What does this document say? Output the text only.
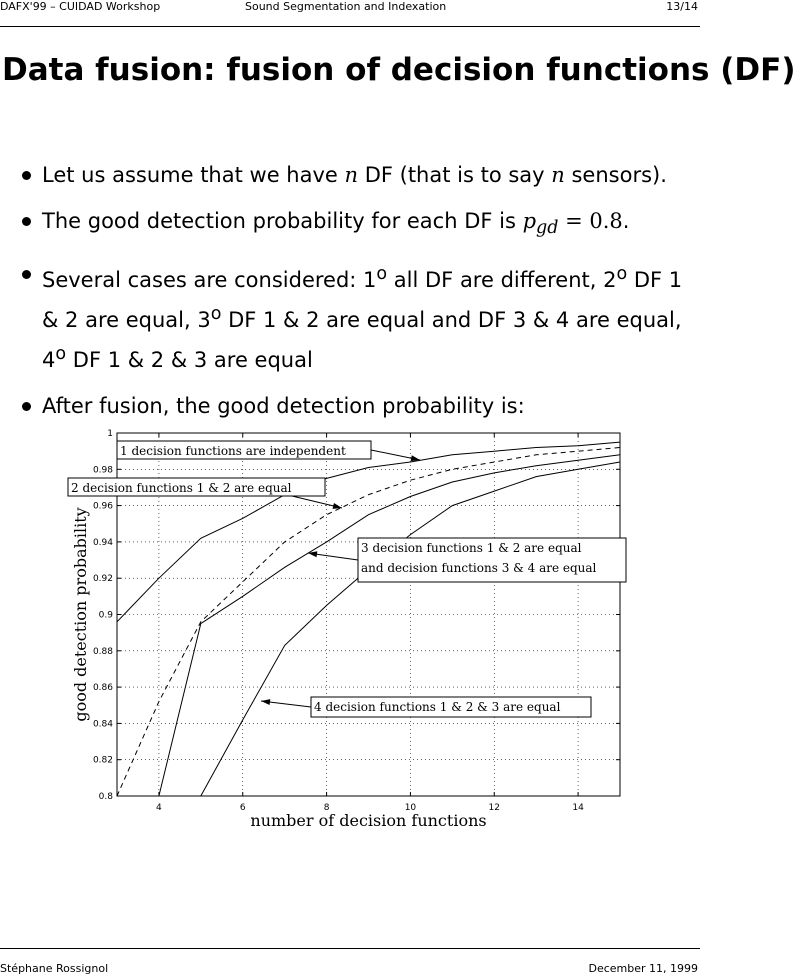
DAFX'99 – CUIDAD Workshop	Sound Segmentation and Indexation	13/14
Data fusion: fusion of decision functions (DF)
Let us assume that we have n DF (that is to say n sensors).
The good detection probability for each DF is $p_{gd} = 0.8$.
Several cases are considered: 1$^o$ all DF are different, 2$^o$ DF 1 & 2 are equal, 3$^o$ DF 1 & 2 are equal and DF 3 & 4 are equal, 4$^o$ DF 1 & 2 & 3 are equal
After fusion, the good detection probability is:
4	6	8	10	12	14
0.8
0.82
0.84
0.86
0.88
0.9
0.92
0.94
0.96
0.98
1
1 decision functions are independent
2 decision functions 1 & 2 are equal
3 decision functions 1 & 2 are equal
and decision functions 3 & 4 are equal
4 decision functions 1 & 2 & 3 are equal
number of decision functions
good detection probability
Stéphane Rossignol	December 11, 1999
